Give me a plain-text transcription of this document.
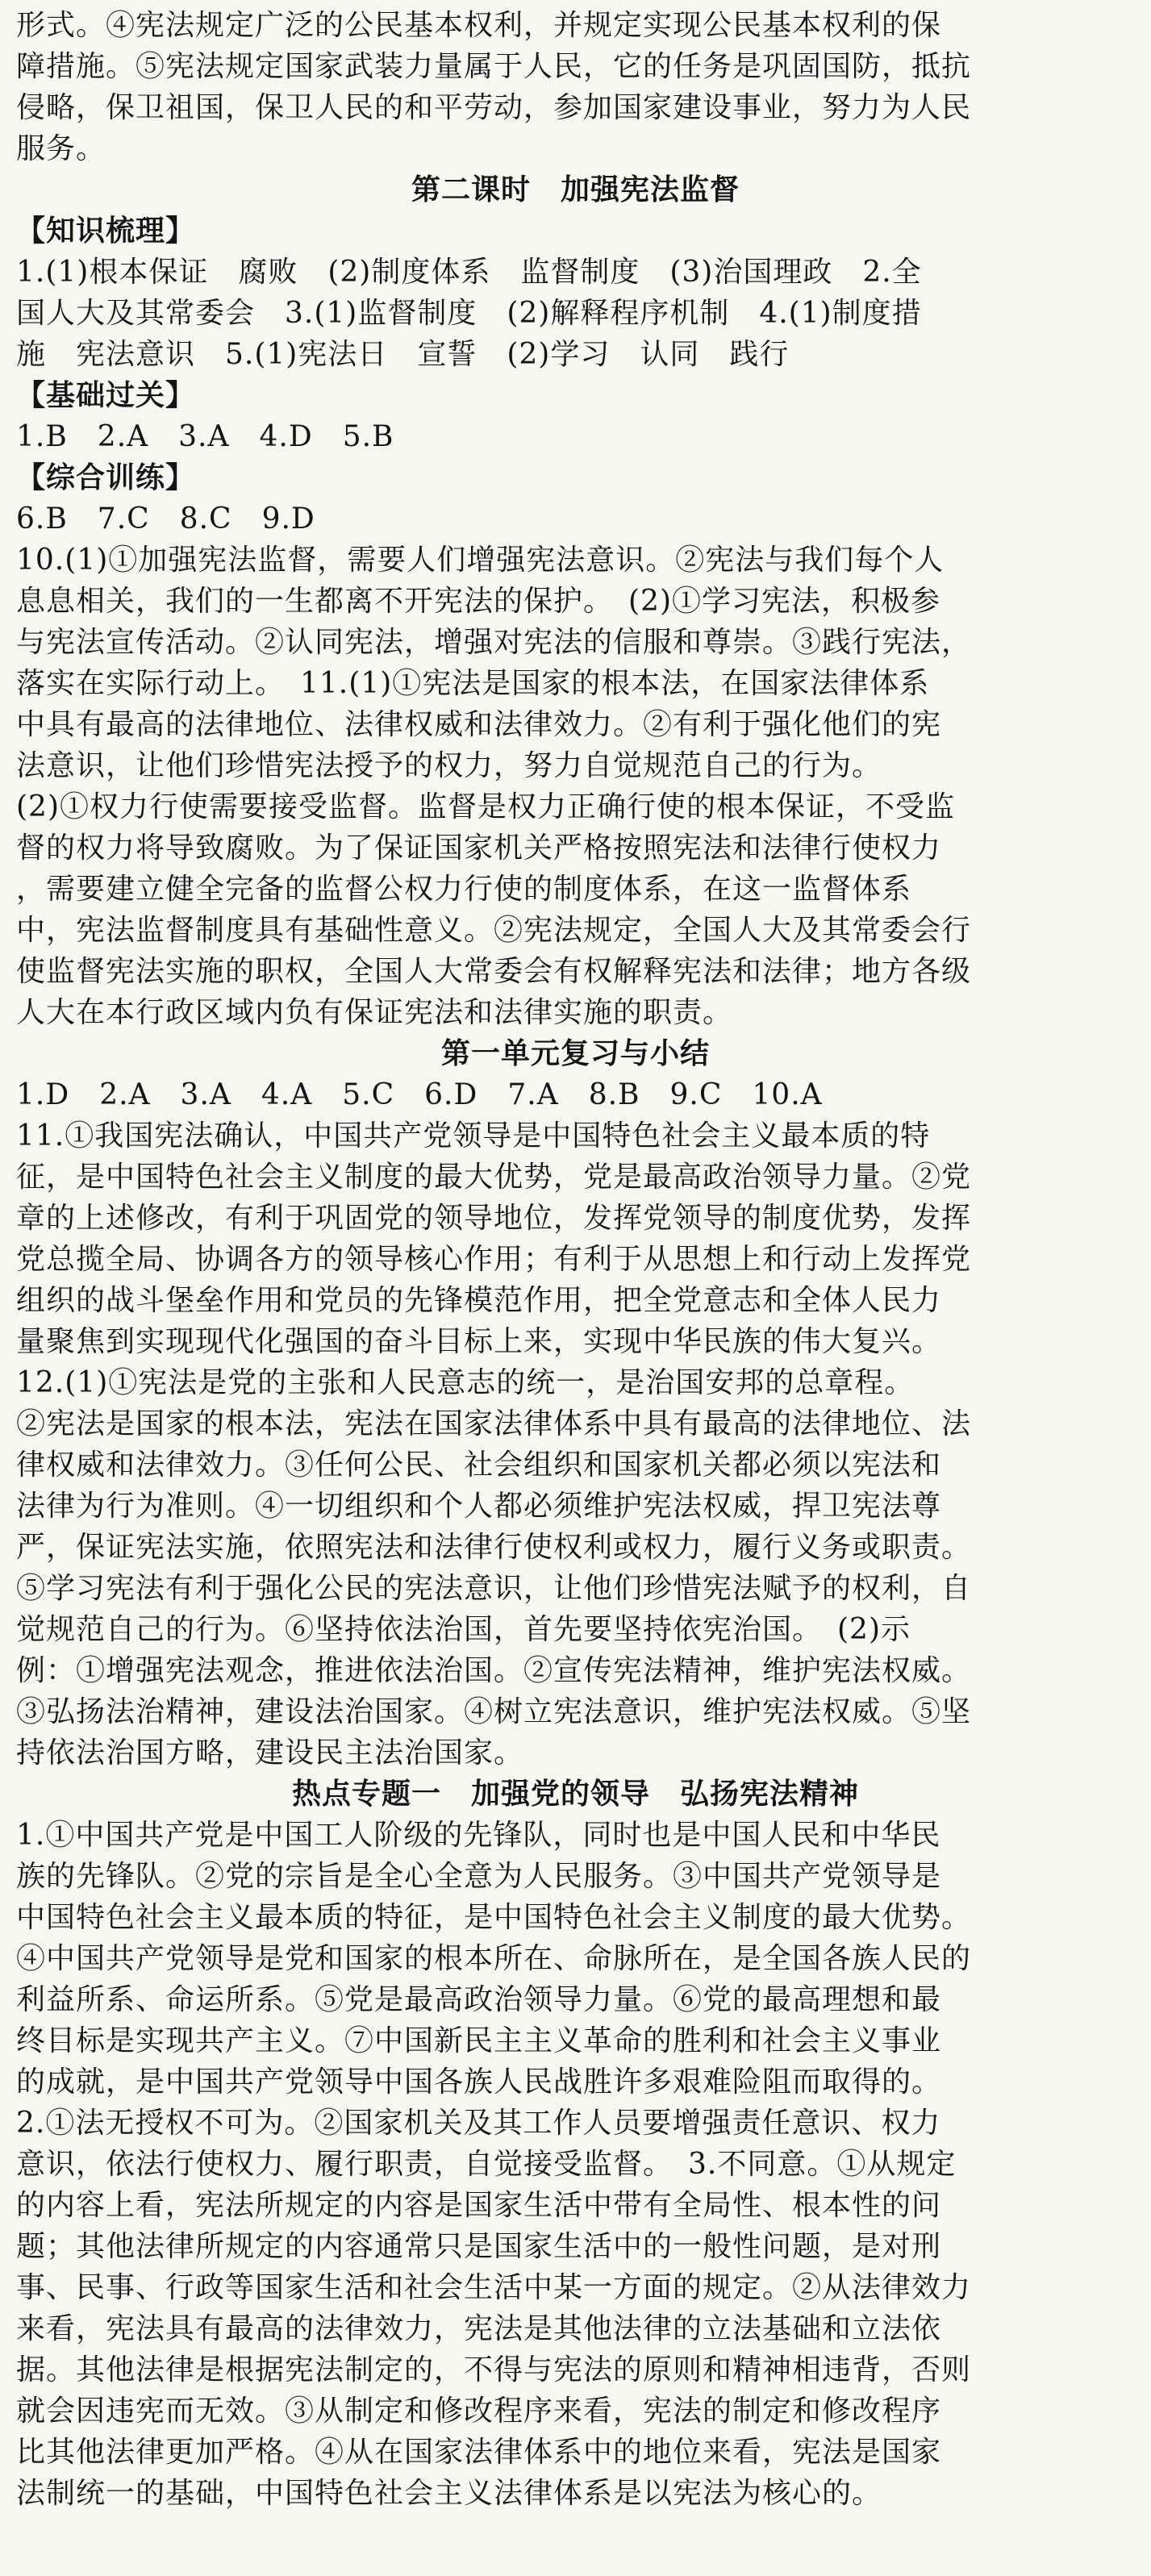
形式。④宪法规定广泛的公民基本权利，并规定实现公民基本权利的保
障措施。⑤宪法规定国家武装力量属于人民，它的任务是巩固国防，抵抗
侵略，保卫祖国，保卫人民的和平劳动，参加国家建设事业，努力为人民
服务。
第二课时　加强宪法监督
【知识梳理】
1.(1)根本保证　腐败　(2)制度体系　监督制度　(3)治国理政　2.全
国人大及其常委会　3.(1)监督制度　(2)解释程序机制　4.(1)制度措
施　宪法意识　5.(1)宪法日　宣誓　(2)学习　认同　践行
【基础过关】
1.B　2.A　3.A　4.D　5.B
【综合训练】
6.B　7.C　8.C　9.D
10.(1)①加强宪法监督，需要人们增强宪法意识。②宪法与我们每个人
息息相关，我们的一生都离不开宪法的保护。　(2)①学习宪法，积极参
与宪法宣传活动。②认同宪法，增强对宪法的信服和尊崇。③践行宪法，
落实在实际行动上。　11.(1)①宪法是国家的根本法，在国家法律体系
中具有最高的法律地位、法律权威和法律效力。②有利于强化他们的宪
法意识，让他们珍惜宪法授予的权力，努力自觉规范自己的行为。
(2)①权力行使需要接受监督。监督是权力正确行使的根本保证，不受监
督的权力将导致腐败。为了保证国家机关严格按照宪法和法律行使权力
，需要建立健全完备的监督公权力行使的制度体系，在这一监督体系
中，宪法监督制度具有基础性意义。②宪法规定，全国人大及其常委会行
使监督宪法实施的职权，全国人大常委会有权解释宪法和法律；地方各级
人大在本行政区域内负有保证宪法和法律实施的职责。
第一单元复习与小结
1.D　2.A　3.A　4.A　5.C　6.D　7.A　8.B　9.C　10.A
11.①我国宪法确认，中国共产党领导是中国特色社会主义最本质的特
征，是中国特色社会主义制度的最大优势，党是最高政治领导力量。②党
章的上述修改，有利于巩固党的领导地位，发挥党领导的制度优势，发挥
党总揽全局、协调各方的领导核心作用；有利于从思想上和行动上发挥党
组织的战斗堡垒作用和党员的先锋模范作用，把全党意志和全体人民力
量聚焦到实现现代化强国的奋斗目标上来，实现中华民族的伟大复兴。
12.(1)①宪法是党的主张和人民意志的统一，是治国安邦的总章程。
②宪法是国家的根本法，宪法在国家法律体系中具有最高的法律地位、法
律权威和法律效力。③任何公民、社会组织和国家机关都必须以宪法和
法律为行为准则。④一切组织和个人都必须维护宪法权威，捍卫宪法尊
严，保证宪法实施，依照宪法和法律行使权利或权力，履行义务或职责。
⑤学习宪法有利于强化公民的宪法意识，让他们珍惜宪法赋予的权利，自
觉规范自己的行为。⑥坚持依法治国，首先要坚持依宪治国。　(2)示
例：①增强宪法观念，推进依法治国。②宣传宪法精神，维护宪法权威。
③弘扬法治精神，建设法治国家。④树立宪法意识，维护宪法权威。⑤坚
持依法治国方略，建设民主法治国家。
热点专题一　加强党的领导　弘扬宪法精神
1.①中国共产党是中国工人阶级的先锋队，同时也是中国人民和中华民
族的先锋队。②党的宗旨是全心全意为人民服务。③中国共产党领导是
中国特色社会主义最本质的特征，是中国特色社会主义制度的最大优势。
④中国共产党领导是党和国家的根本所在、命脉所在，是全国各族人民的
利益所系、命运所系。⑤党是最高政治领导力量。⑥党的最高理想和最
终目标是实现共产主义。⑦中国新民主主义革命的胜利和社会主义事业
的成就，是中国共产党领导中国各族人民战胜许多艰难险阻而取得的。
2.①法无授权不可为。②国家机关及其工作人员要增强责任意识、权力
意识，依法行使权力、履行职责，自觉接受监督。　3.不同意。①从规定
的内容上看，宪法所规定的内容是国家生活中带有全局性、根本性的问
题；其他法律所规定的内容通常只是国家生活中的一般性问题，是对刑
事、民事、行政等国家生活和社会生活中某一方面的规定。②从法律效力
来看，宪法具有最高的法律效力，宪法是其他法律的立法基础和立法依
据。其他法律是根据宪法制定的，不得与宪法的原则和精神相违背，否则
就会因违宪而无效。③从制定和修改程序来看，宪法的制定和修改程序
比其他法律更加严格。④从在国家法律体系中的地位来看，宪法是国家
法制统一的基础，中国特色社会主义法律体系是以宪法为核心的。
